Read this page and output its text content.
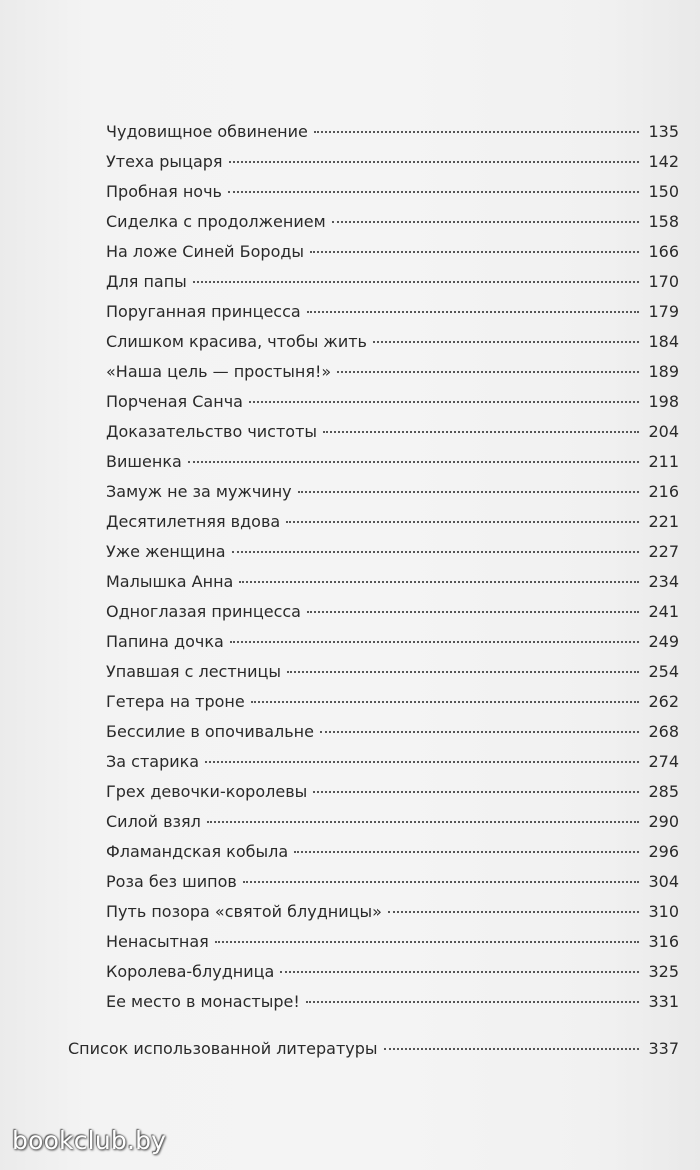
Чудовищное обвинение	135
Утеха рыцаря	142
Пробная ночь	150
Сиделка с продолжением	158
На ложе Синей Бороды	166
Для папы	170
Поруганная принцесса	179
Слишком красива, чтобы жить	184
«Наша цель — простыня!»	189
Порченая Санча	198
Доказательство чистоты	204
Вишенка	211
Замуж не за мужчину	216
Десятилетняя вдова	221
Уже женщина	227
Малышка Анна	234
Одноглазая принцесса	241
Папина дочка	249
Упавшая с лестницы	254
Гетера на троне	262
Бессилие в опочивальне	268
За старика	274
Грех девочки-королевы	285
Силой взял	290
Фламандская кобыла	296
Роза без шипов	304
Путь позора «святой блудницы»	310
Ненасытная	316
Королева-блудница	325
Ее место в монастыре!	331
Список использованной литературы	337
bookclub.by
